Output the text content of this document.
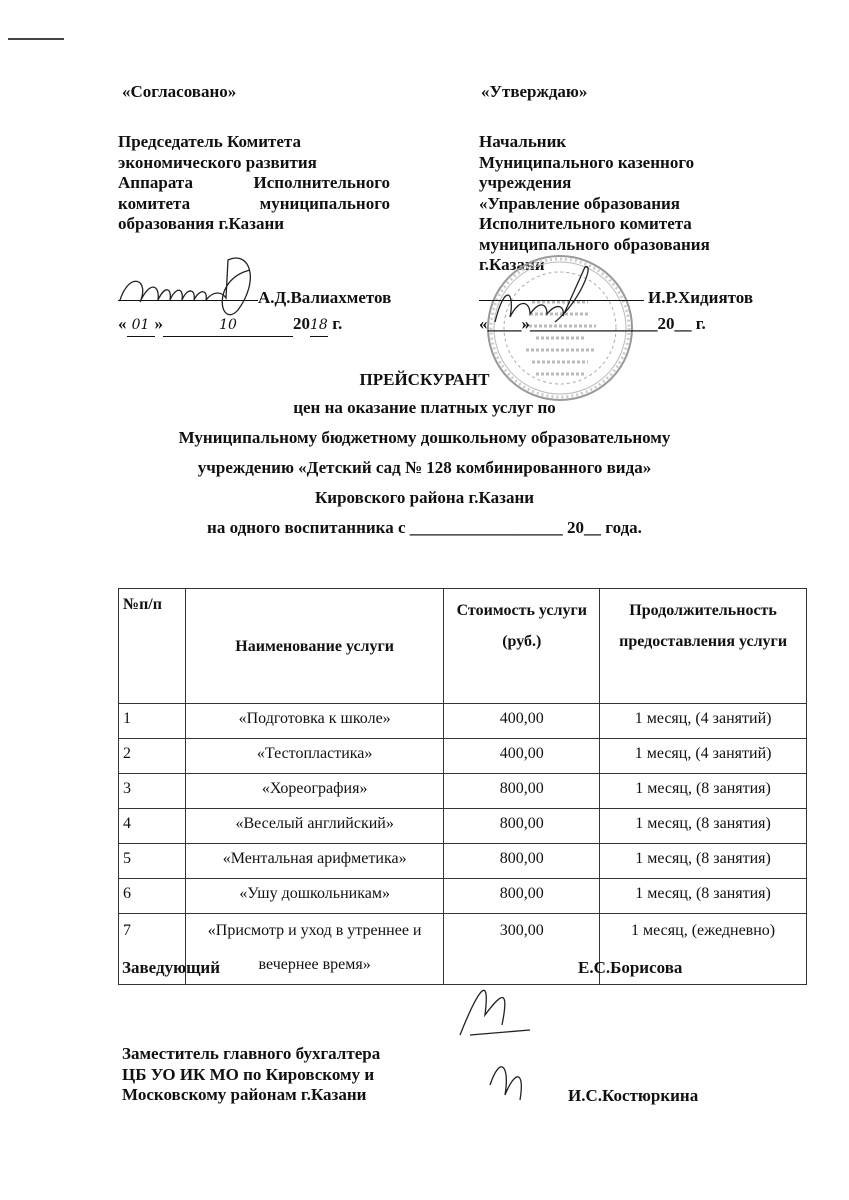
«Согласовано»
Председатель Комитета
экономического развития
Аппарата Исполнительного
комитета муниципального
образования г.Казани
А.Д.Валиахметов
« 01 »	10	2018 г.
«Утверждаю»
Начальник
Муниципального казенного
учреждения
«Управление образования
Исполнительного комитета
муниципального образования
г.Казани
И.Р.Хидиятов
«____»_______________20__ г.
ПРЕЙСКУРАНТ
цен на оказание платных услуг по
Муниципальному бюджетному дошкольному образовательному
учреждению «Детский сад № 128 комбинированного вида»
Кировского района г.Казани
на одного воспитанника с __________________ 20__ года.
№п/п	Наименование услуги	Стоимость услуги (руб.)	Продолжительность предоставления услуги
1	«Подготовка к школе»	400,00	1 месяц, (4 занятий)
2	«Тестопластика»	400,00	1 месяц, (4 занятий)
3	«Хореография»	800,00	1 месяц, (8 занятия)
4	«Веселый английский»	800,00	1 месяц, (8 занятия)
5	«Ментальная арифметика»	800,00	1 месяц, (8 занятия)
6	«Ушу дошкольникам»	800,00	1 месяц, (8 занятия)
7	«Присмотр и уход в утреннее и вечернее время»	300,00	1 месяц, (ежедневно)
Заведующий	Е.С.Борисова
Заместитель главного бухгалтера
ЦБ УО ИК МО по Кировскому и
Московскому районам г.Казани	И.С.Костюркина
